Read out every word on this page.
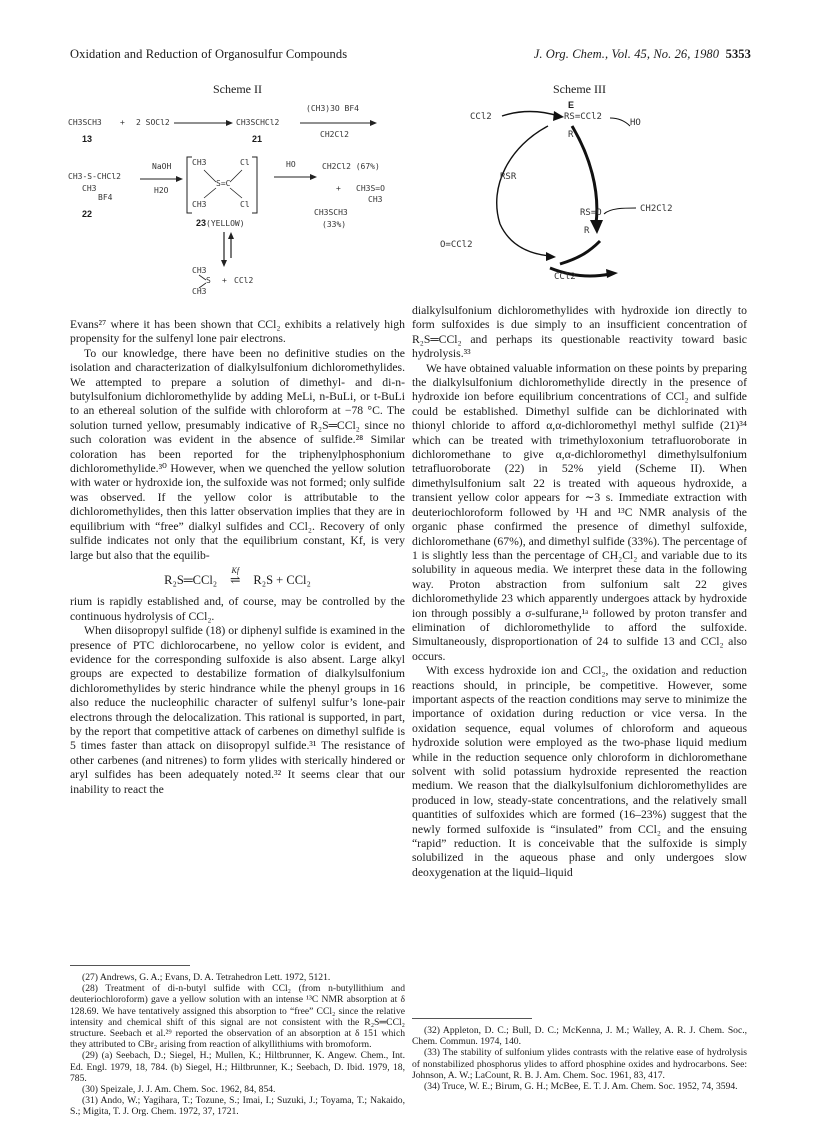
Oxidation and Reduction of Organosulfur Compounds	J. Org. Chem., Vol. 45, No. 26, 1980 5353
Scheme II
CH3SCH3 + 2 SOCl2 → CH3SCHCl2
(CH3)3O BF4
CH2Cl2
13	21
CH3-S-CHCl2
CH3
BF4
NaOH
H2O
CH3	Cl
S=C
CH3	Cl
23(YELLOW)
HO	CH2Cl2 (67%)
+ CH3S=O
CH3
CH3SCH3
(33%)
22
CH3
S + CCl2
CH3
Scheme III
E
CCl2	RS=CCl2
R
HO
RSR
RS=O
R
CH2Cl2
O=CCl2
CCl2

Evans²⁷ where it has been shown that CCl₂ exhibits a relatively high propensity for the sulfenyl lone pair electrons.

To our knowledge, there have been no definitive studies on the isolation and characterization of dialkylsulfonium dichloromethylides. We attempted to prepare a solution of dimethyl- and di-n-butylsulfonium dichloromethylide by adding MeLi, n-BuLi, or t-BuLi to an ethereal solution of the sulfide with chloroform at −78 °C. The solution turned yellow, presumably indicative of R₂S═CCl₂ since no such coloration was evident in the absence of sulfide.²⁸ Similar coloration has been reported for the triphenylphosphonium dichloromethylide.³⁰ However, when we quenched the yellow solution with water or hydroxide ion, the sulfoxide was not formed; only sulfide was observed. If the yellow color is attributable to the dichloromethylides, then this latter observation implies that they are in equilibrium with “free” dialkyl sulfides and CCl₂. Recovery of only sulfide indicates not only that the equilibrium constant, Kf, is very large but also that the equilib-

R₂S═CCl₂
Kf
⇌ R₂S + CCl₂

rium is rapidly established and, of course, may be controlled by the continuous hydrolysis of CCl₂.

When diisopropyl sulfide (18) or diphenyl sulfide is examined in the presence of PTC dichlorocarbene, no yellow color is evident, and evidence for the corresponding sulfoxide is also absent. Large alkyl groups are expected to destabilize formation of dialkylsulfonium dichloromethylides by steric hindrance while the phenyl groups in 16 also reduce the nucleophilic character of sulfenyl sulfur’s lone-pair electrons through the delocalization. This rational is supported, in part, by the report that competitive attack of carbenes on dimethyl sulfide is 5 times faster than attack on diisopropyl sulfide.³¹ The resistance of other carbenes (and nitrenes) to form ylides with sterically hindered or aryl sulfides has been adequately noted.³² It seems clear that our inability to react the

dialkylsulfonium dichloromethylides with hydroxide ion directly to form sulfoxides is due simply to an insufficient concentration of R₂S═CCl₂ and perhaps its questionable reactivity toward basic hydrolysis.³³

We have obtained valuable information on these points by preparing the dialkylsulfonium dichloromethylide directly in the presence of hydroxide ion before equilibrium concentrations of CCl₂ and sulfide could be established. Dimethyl sulfide can be dichlorinated with thionyl chloride to afford α,α-dichloromethyl methyl sulfide (21)³⁴ which can be treated with trimethyloxonium tetrafluoroborate in dichloromethane to give α,α-dichloromethyl dimethylsulfonium tetrafluoroborate (22) in 52% yield (Scheme II). When dimethylsulfonium salt 22 is treated with aqueous hydroxide, a transient yellow color appears for ∼3 s. Immediate extraction with deuteriochloroform followed by ¹H and ¹³C NMR analysis of the organic phase confirmed the presence of dimethyl sulfoxide, dichloromethane (67%), and dimethyl sulfide (33%). The percentage of 1 is slightly less than the percentage of CH₂Cl₂ and variable due to its solubility in aqueous media. We interpret these data in the following way. Proton abstraction from sulfonium salt 22 gives dichloromethylide 23 which apparently undergoes attack by hydroxide ion through possibly a σ-sulfurane,¹ᵃ followed by proton transfer and elimination of dichloromethylide to afford the sulfoxide. Simultaneously, disproportionation of 24 to sulfide 13 and CCl₂ also occurs.

With excess hydroxide ion and CCl₂, the oxidation and reduction reactions should, in principle, be competitive. However, some important aspects of the reaction conditions may serve to minimize the importance of oxidation during reduction or vice versa. In the oxidation sequence, equal volumes of chloroform and aqueous hydroxide solution were employed as the two-phase liquid medium while in the reduction sequence only chloroform in dichloromethane solvent with solid potassium hydroxide represented the reaction medium. We reason that the dialkylsulfonium dichloromethylides are produced in low, steady-state concentrations, and the relatively small quantities of sulfoxides which are formed (16–23%) suggest that the newly formed sulfoxide is “insulated” from CCl₂ and the ensuing “rapid” reduction. It is conceivable that the sulfoxide is simply solubilized in the aqueous phase and only undergoes slow deoxygenation at the liquid–liquid

(27) Andrews, G. A.; Evans, D. A. Tetrahedron Lett. 1972, 5121.

(28) Treatment of di-n-butyl sulfide with CCl₂ (from n-butyllithium and deuteriochloroform) gave a yellow solution with an intense ¹³C NMR absorption at δ 128.69. We have tentatively assigned this absorption to “free” CCl₂ since the relative intensity and chemical shift of this signal are not consistent with the R₂S═CCl₂ structure. Seebach et al.²⁹ reported the observation of an absorption at δ 151 which they attributed to CBr₂ arising from reaction of alkyllithiums with bromoform.

(29) (a) Seebach, D.; Siegel, H.; Mullen, K.; Hiltbrunner, K. Angew. Chem., Int. Ed. Engl. 1979, 18, 784. (b) Siegel, H.; Hiltbrunner, K.; Seebach, D. Ibid. 1979, 18, 785.

(30) Speizale, J. J. Am. Chem. Soc. 1962, 84, 854.

(31) Ando, W.; Yagihara, T.; Tozune, S.; Imai, I.; Suzuki, J.; Toyama, T.; Nakaido, S.; Migita, T. J. Org. Chem. 1972, 37, 1721.

(32) Appleton, D. C.; Bull, D. C.; McKenna, J. M.; Walley, A. R. J. Chem. Soc., Chem. Commun. 1974, 140.

(33) The stability of sulfonium ylides contrasts with the relative ease of hydrolysis of nonstabilized phosphorus ylides to afford phosphine oxides and hydrocarbons. See: Johnson, A. W.; LaCount, R. B. J. Am. Chem. Soc. 1961, 83, 417.

(34) Truce, W. E.; Birum, G. H.; McBee, E. T. J. Am. Chem. Soc. 1952, 74, 3594.
